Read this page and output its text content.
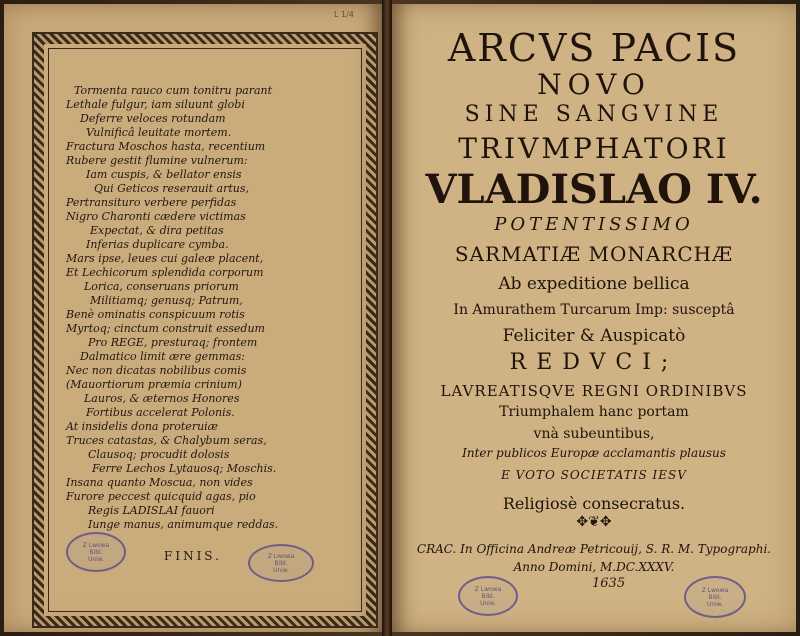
L 1/4
Tormenta rauco cum tonitru parant
Lethale fulgur, iam siluunt globi
Deferre veloces rotundam
Vulnificâ leuitate mortem.
Fractura Moschos hasta, recentium
Rubere gestit flumine vulnerum:
Iam cuspis, & bellator ensis
Qui Geticos reserauit artus,
Pertransituro verbere perfidas
Nigro Charonti cædere victimas
Expectat, & dira petitas
Inferias duplicare cymba.
Mars ipse, leues cui galeæ placent,
Et Lechicorum splendida corporum
Lorica, conseruans priorum
Militiamq; genusq; Patrum,
Benè ominatis conspicuum rotis
Myrtoq; cinctum construit essedum
Pro REGE, presturaq; frontem
Dalmatico limit ære gemmas:
Nec non dicatas nobilibus comis
(Mauortiorum præmia crinium)
Lauros, & æternos Honores
Fortibus accelerat Polonis.
At insidelis dona proteruiæ
Truces catastas, & Chalybum seras,
Clausoq; procudit dolosis
Ferre Lechos Lytauosq; Moschis.
Insana quanto Moscua, non vides
Furore peccest quicquid agas, pio
Regis LADISLAI fauori
Iunge manus, animumque reddas.
FINIS.
Z Lwowa
Bibl.
Uniw.	Z Lwowa
Bibl.
Uniw.
ARCVS PACIS
NOVO
SINE SANGVINE
TRIVMPHATORI
VLADISLAO IV.
POTENTISSIMO
SARMATIÆ MONARCHÆ
Ab expeditione bellica
In Amurathem Turcarum Imp: susceptâ
Feliciter & Auspicatò
REDVCI;
LAVREATISQVE REGNI ORDINIBVS
Triumphalem hanc portam
vnà subeuntibus,
Inter publicos Europæ acclamantis plausus
E VOTO SOCIETATIS IESV
Religiosè consecratus.
✥❦✥
CRAC. In Officina Andreæ Petricouij, S. R. M. Typographi.
Anno Domini, M.DC.XXXV.
1635
Z Lwowa
Bibl.
Uniw.
Z Lwowa
Bibl.
Uniw.
